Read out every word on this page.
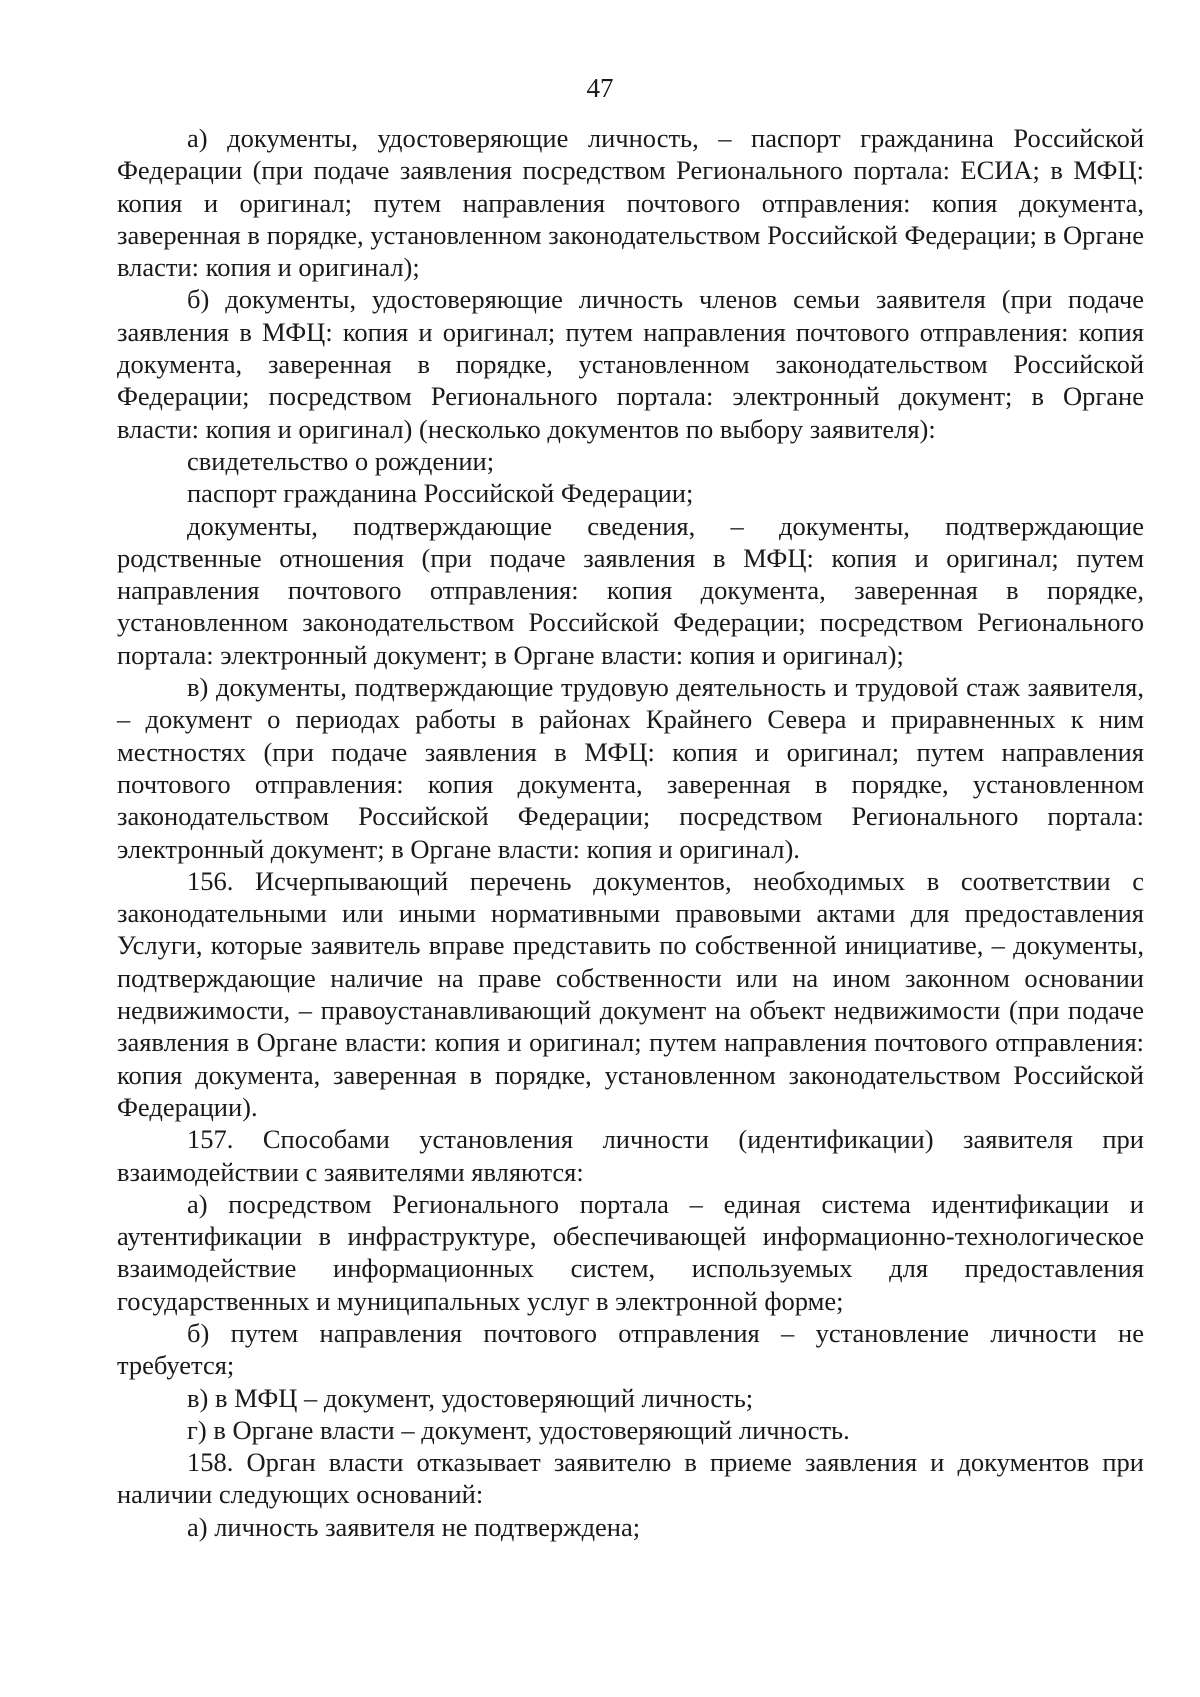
47

а) документы, удостоверяющие личность, – паспорт гражданина Российской Федерации (при подаче заявления посредством Регионального портала: ЕСИА; в МФЦ: копия и оригинал; путем направления почтового отправления: копия документа, заверенная в порядке, установленном законодательством Российской Федерации; в Органе власти: копия и оригинал);

б) документы, удостоверяющие личность членов семьи заявителя (при подаче заявления в МФЦ: копия и оригинал; путем направления почтового отправления: копия документа, заверенная в порядке, установленном законодательством Российской Федерации; посредством Регионального портала: электронный документ; в Органе власти: копия и оригинал) (несколько документов по выбору заявителя):

свидетельство о рождении;

паспорт гражданина Российской Федерации;

документы, подтверждающие сведения, – документы, подтверждающие родственные отношения (при подаче заявления в МФЦ: копия и оригинал; путем направления почтового отправления: копия документа, заверенная в порядке, установленном законодательством Российской Федерации; посредством Регионального портала: электронный документ; в Органе власти: копия и оригинал);

в) документы, подтверждающие трудовую деятельность и трудовой стаж заявителя, – документ о периодах работы в районах Крайнего Севера и приравненных к ним местностях (при подаче заявления в МФЦ: копия и оригинал; путем направления почтового отправления: копия документа, заверенная в порядке, установленном законодательством Российской Федерации; посредством Регионального портала: электронный документ; в Органе власти: копия и оригинал).

156. Исчерпывающий перечень документов, необходимых в соответствии с законодательными или иными нормативными правовыми актами для предоставления Услуги, которые заявитель вправе представить по собственной инициативе, – документы, подтверждающие наличие на праве собственности или на ином законном основании недвижимости, – правоустанавливающий документ на объект недвижимости (при подаче заявления в Органе власти: копия и оригинал; путем направления почтового отправления: копия документа, заверенная в порядке, установленном законодательством Российской Федерации).

157. Способами установления личности (идентификации) заявителя при взаимодействии с заявителями являются:

а) посредством Регионального портала – единая система идентификации и аутентификации в инфраструктуре, обеспечивающей информационно-технологическое взаимодействие информационных систем, используемых для предоставления государственных и муниципальных услуг в электронной форме;

б) путем направления почтового отправления – установление личности не требуется;

в) в МФЦ – документ, удостоверяющий личность;

г) в Органе власти – документ, удостоверяющий личность.

158. Орган власти отказывает заявителю в приеме заявления и документов при наличии следующих оснований:

а) личность заявителя не подтверждена;
